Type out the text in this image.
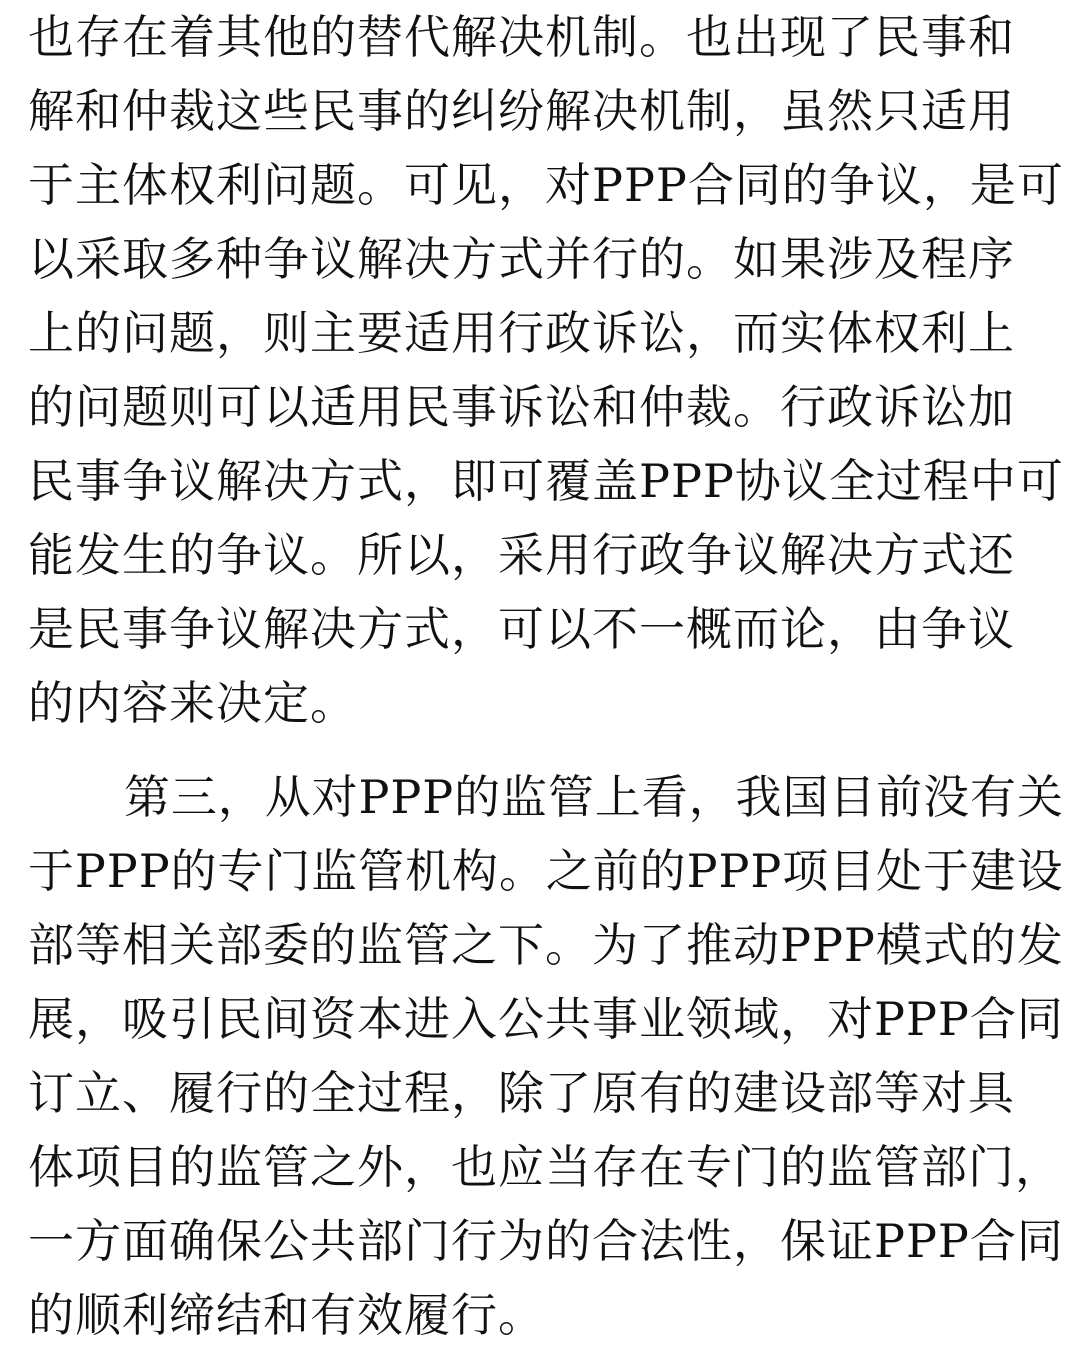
也存在着其他的替代解决机制。也出现了民事和
解和仲裁这些民事的纠纷解决机制，虽然只适用
于主体权利问题。可见，对PPP合同的争议，是可
以采取多种争议解决方式并行的。如果涉及程序
上的问题，则主要适用行政诉讼，而实体权利上
的问题则可以适用民事诉讼和仲裁。行政诉讼加
民事争议解决方式，即可覆盖PPP协议全过程中可
能发生的争议。所以，采用行政争议解决方式还
是民事争议解决方式，可以不一概而论，由争议
的内容来决定。
第三，从对PPP的监管上看，我国目前没有关
于PPP的专门监管机构。之前的PPP项目处于建设
部等相关部委的监管之下。为了推动PPP模式的发
展，吸引民间资本进入公共事业领域，对PPP合同
订立、履行的全过程，除了原有的建设部等对具
体项目的监管之外，也应当存在专门的监管部门，
一方面确保公共部门行为的合法性，保证PPP合同
的顺利缔结和有效履行。
